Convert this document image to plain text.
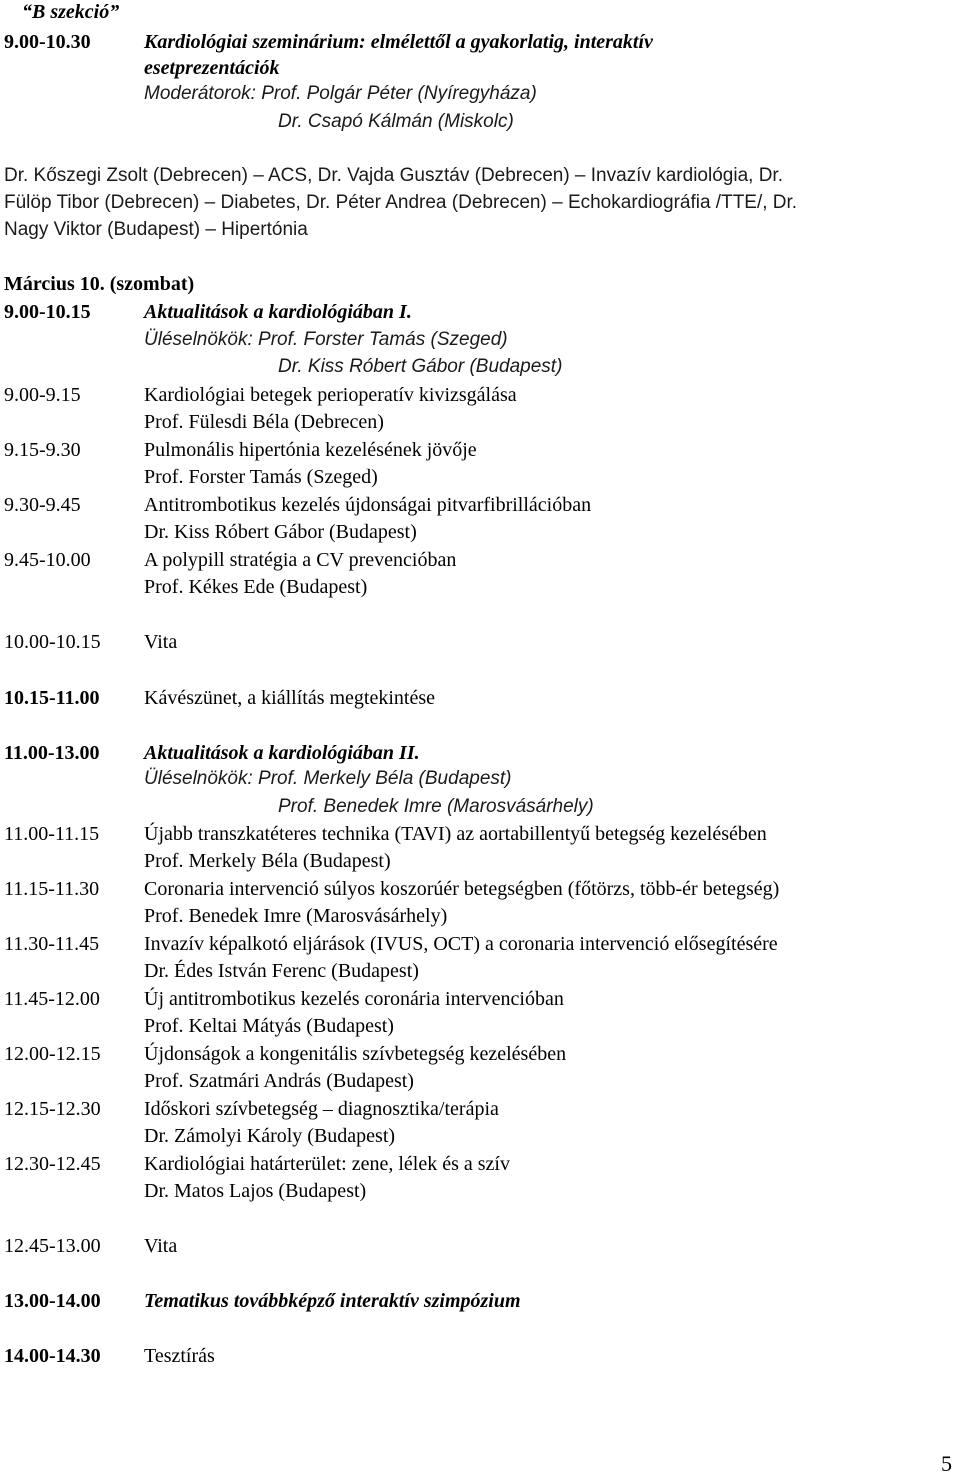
“B szekció”
9.00-10.30	Kardiológiai szeminárium: elmélettől a gyakorlatig, interaktív
esetprezentációk
Moderátorok: Prof. Polgár Péter (Nyíregyháza)
Dr. Csapó Kálmán (Miskolc)
Dr. Kőszegi Zsolt (Debrecen) – ACS, Dr. Vajda Gusztáv (Debrecen) – Invazív kardiológia, Dr.
Fülöp Tibor (Debrecen) – Diabetes, Dr. Péter Andrea (Debrecen) – Echokardiográfia /TTE/, Dr.
Nagy Viktor (Budapest) – Hipertónia
Március 10. (szombat)
9.00-10.15	Aktualitások a kardiológiában I.
Üléselnökök: Prof. Forster Tamás (Szeged)
Dr. Kiss Róbert Gábor (Budapest)
9.00-9.15	Kardiológiai betegek perioperatív kivizsgálása
Prof. Fülesdi Béla (Debrecen)
9.15-9.30	Pulmonális hipertónia kezelésének jövője
Prof. Forster Tamás (Szeged)
9.30-9.45	Antitrombotikus kezelés újdonságai pitvarfibrillációban
Dr. Kiss Róbert Gábor (Budapest)
9.45-10.00	A polypill stratégia a CV prevencióban
Prof. Kékes Ede (Budapest)
10.00-10.15 Vita
10.15-11.00 Kávészünet, a kiállítás megtekintése
11.00-13.00 Aktualitások a kardiológiában II.
Üléselnökök: Prof. Merkely Béla (Budapest)
Prof. Benedek Imre (Marosvásárhely)
11.00-11.15 Újabb transzkatéteres technika (TAVI) az aortabillentyű betegség kezelésében
Prof. Merkely Béla (Budapest)
11.15-11.30 Coronaria intervenció súlyos koszorúér betegségben (főtörzs, több-ér betegség)
Prof. Benedek Imre (Marosvásárhely)
11.30-11.45 Invazív képalkotó eljárások (IVUS, OCT) a coronaria intervenció elősegítésére
Dr. Édes István Ferenc (Budapest)
11.45-12.00 Új antitrombotikus kezelés coronária intervencióban
Prof. Keltai Mátyás (Budapest)
12.00-12.15 Újdonságok a kongenitális szívbetegség kezelésében
Prof. Szatmári András (Budapest)
12.15-12.30 Időskori szívbetegség – diagnosztika/terápia
Dr. Zámolyi Károly (Budapest)
12.30-12.45 Kardiológiai határterület: zene, lélek és a szív
Dr. Matos Lajos (Budapest)
12.45-13.00 Vita
13.00-14.00 Tematikus továbbképző interaktív szimpózium
14.00-14.30 Tesztírás
5
